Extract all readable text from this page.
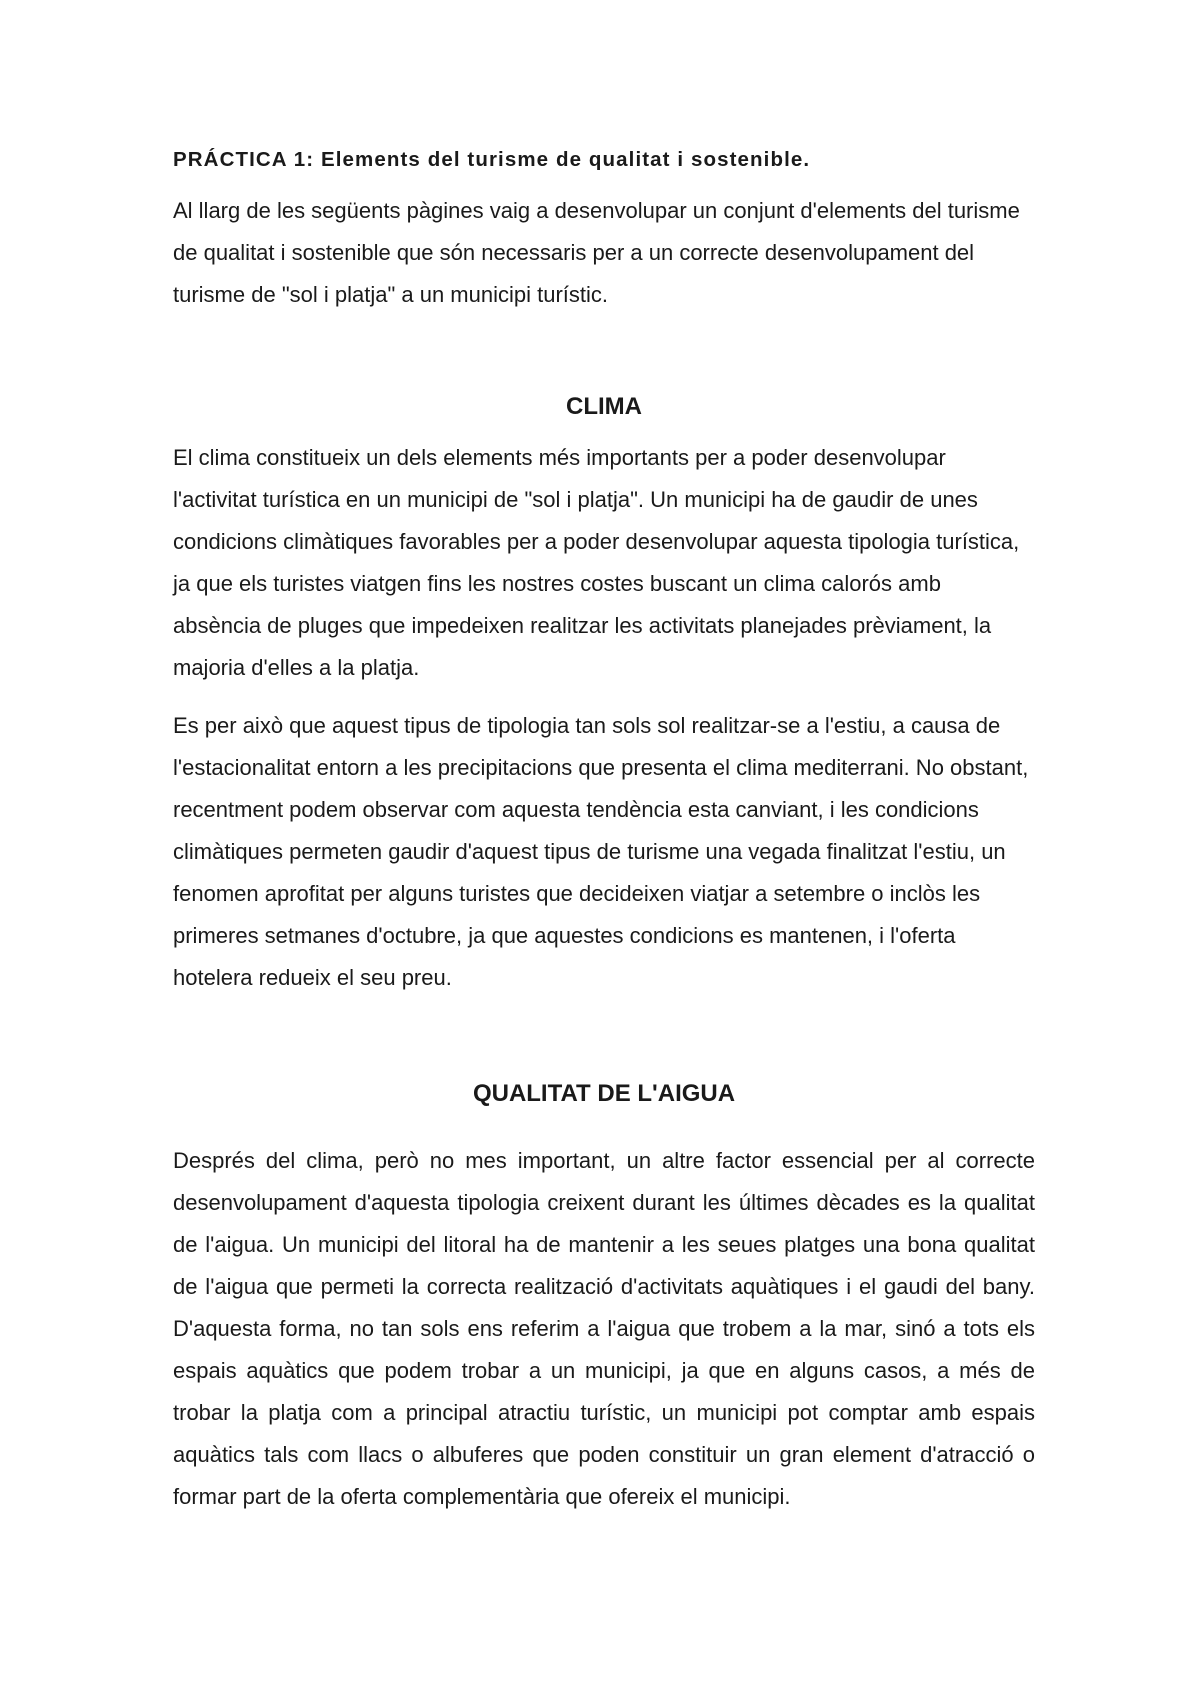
PRÁCTICA 1: Elements del turisme de qualitat i sostenible.

Al llarg de les següents pàgines vaig a desenvolupar un conjunt d'elements del turisme de qualitat i sostenible que són necessaris per a un correcte desenvolupament del turisme de "sol i platja" a un municipi turístic.

CLIMA

El clima constitueix un dels elements més importants per a poder desenvolupar l'activitat turística en un municipi de "sol i platja". Un municipi ha de gaudir de unes condicions climàtiques favorables per a poder desenvolupar aquesta tipologia turística, ja que els turistes viatgen fins les nostres costes buscant un clima calorós amb absència de pluges que impedeixen realitzar les activitats planejades prèviament, la majoria d'elles a la platja.

Es per això que aquest tipus de tipologia tan sols sol realitzar-se a l'estiu, a causa de l'estacionalitat entorn a les precipitacions que presenta el clima mediterrani. No obstant, recentment podem observar com aquesta tendència esta canviant, i les condicions climàtiques permeten gaudir d'aquest tipus de turisme una vegada finalitzat l'estiu, un fenomen aprofitat per alguns turistes que decideixen viatjar a setembre o inclòs les primeres setmanes d'octubre, ja que aquestes condicions es mantenen, i l'oferta hotelera redueix el seu preu.

QUALITAT DE L'AIGUA

Després del clima, però no mes important, un altre factor essencial per al correcte desenvolupament d'aquesta tipologia creixent durant les últimes dècades es la qualitat de l'aigua. Un municipi del litoral ha de mantenir a les seues platges una bona qualitat de l'aigua que permeti la correcta realització d'activitats aquàtiques i el gaudi del bany. D'aquesta forma, no tan sols ens referim a l'aigua que trobem a la mar, sinó a tots els espais aquàtics que podem trobar a un municipi, ja que en alguns casos, a més de trobar la platja com a principal atractiu turístic, un municipi pot comptar amb espais aquàtics tals com llacs o albuferes que poden constituir un gran element d'atracció o formar part de la oferta complementària que ofereix el municipi.
